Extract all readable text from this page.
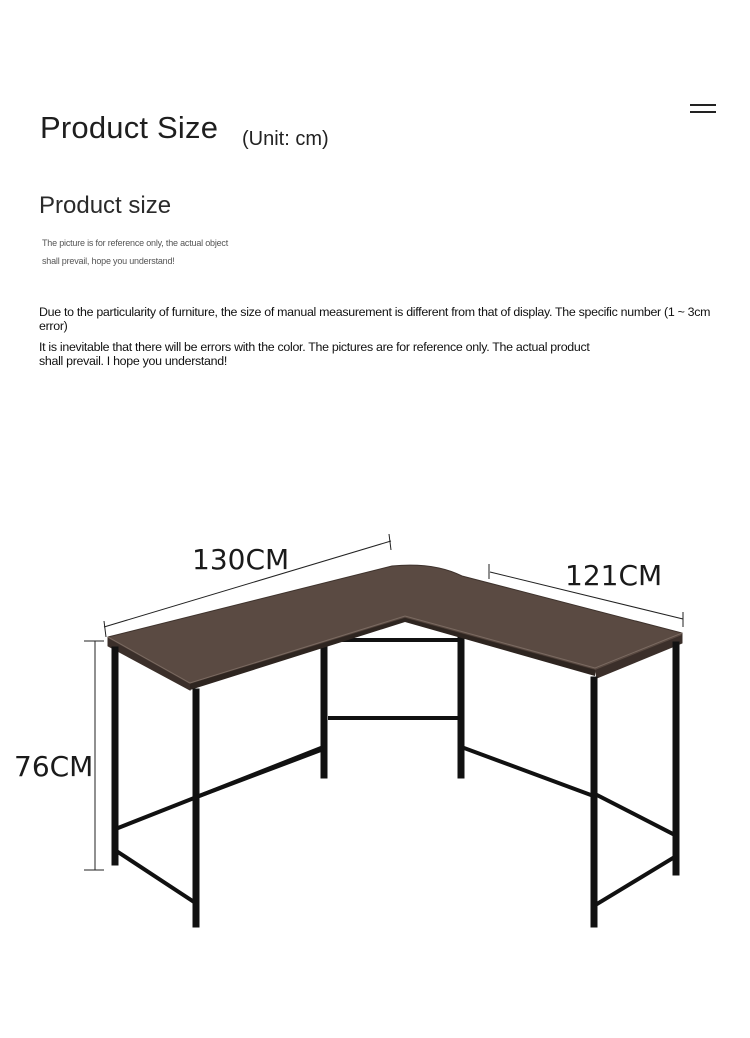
Product Size (Unit: cm)
Product size
The picture is for reference only, the actual object
shall prevail, hope you understand!
Due to the particularity of furniture, the size of manual measurement is different from that of display. The specific number (1 ~ 3cm error)
It is inevitable that there will be errors with the color. The pictures are for reference only. The actual product shall prevail. I hope you understand!
130CM	121CM
76CM
